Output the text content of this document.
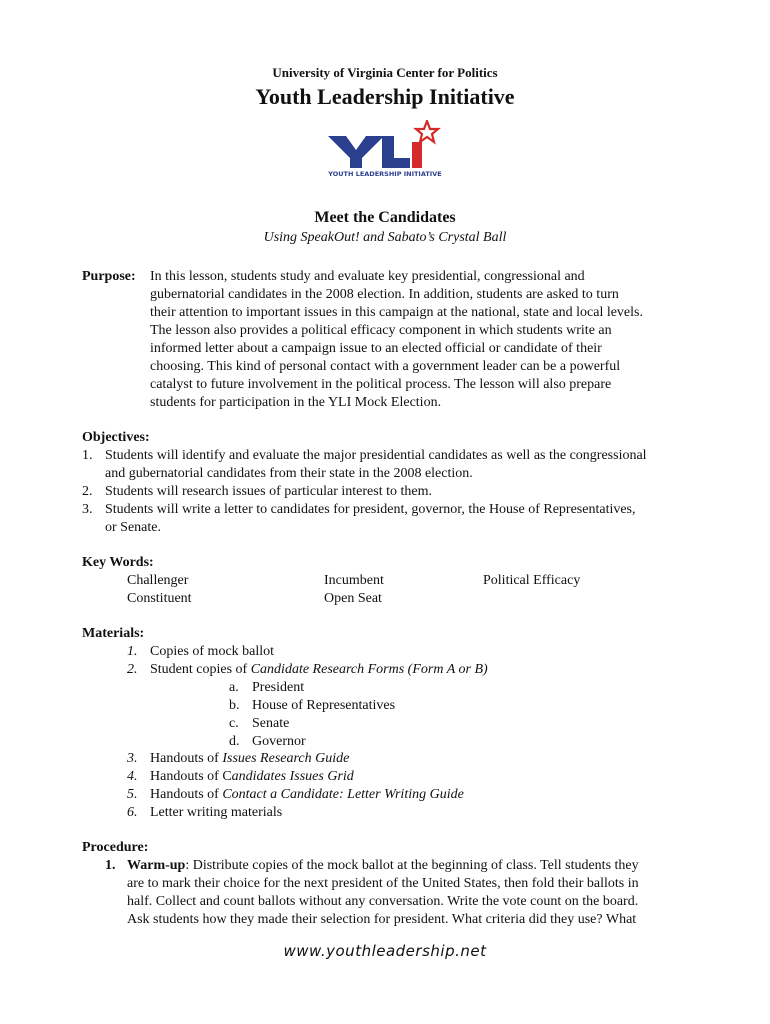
University of Virginia Center for Politics
Youth Leadership Initiative
YOUTH LEADERSHIP INITIATIVE
Meet the Candidates
Using SpeakOut! and Sabato’s Crystal Ball
Purpose: In this lesson, students study and evaluate key presidential, congressional and
gubernatorial candidates in the 2008 election. In addition, students are asked to turn
their attention to important issues in this campaign at the national, state and local levels.
The lesson also provides a political efficacy component in which students write an
informed letter about a campaign issue to an elected official or candidate of their
choosing. This kind of personal contact with a government leader can be a powerful
catalyst to future involvement in the political process. The lesson will also prepare
students for participation in the YLI Mock Election.
Objectives:
1. Students will identify and evaluate the major presidential candidates as well as the congressional
and gubernatorial candidates from their state in the 2008 election.
2. Students will research issues of particular interest to them.
3. Students will write a letter to candidates for president, governor, the House of Representatives,
or Senate.
Key Words:
Challenger
Constituent
Incumbent
Open Seat
Political Efficacy
Materials:
1. Copies of mock ballot
2. Student copies of Candidate Research Forms (Form A or B)
a. President
b. House of Representatives
c. Senate
d. Governor
3. Handouts of Issues Research Guide
4. Handouts of Candidates Issues Grid
5. Handouts of Contact a Candidate: Letter Writing Guide
6. Letter writing materials
Procedure:
1. Warm-up: Distribute copies of the mock ballot at the beginning of class. Tell students they
are to mark their choice for the next president of the United States, then fold their ballots in
half. Collect and count ballots without any conversation. Write the vote count on the board.
Ask students how they made their selection for president. What criteria did they use? What
www.youthleadership.net
